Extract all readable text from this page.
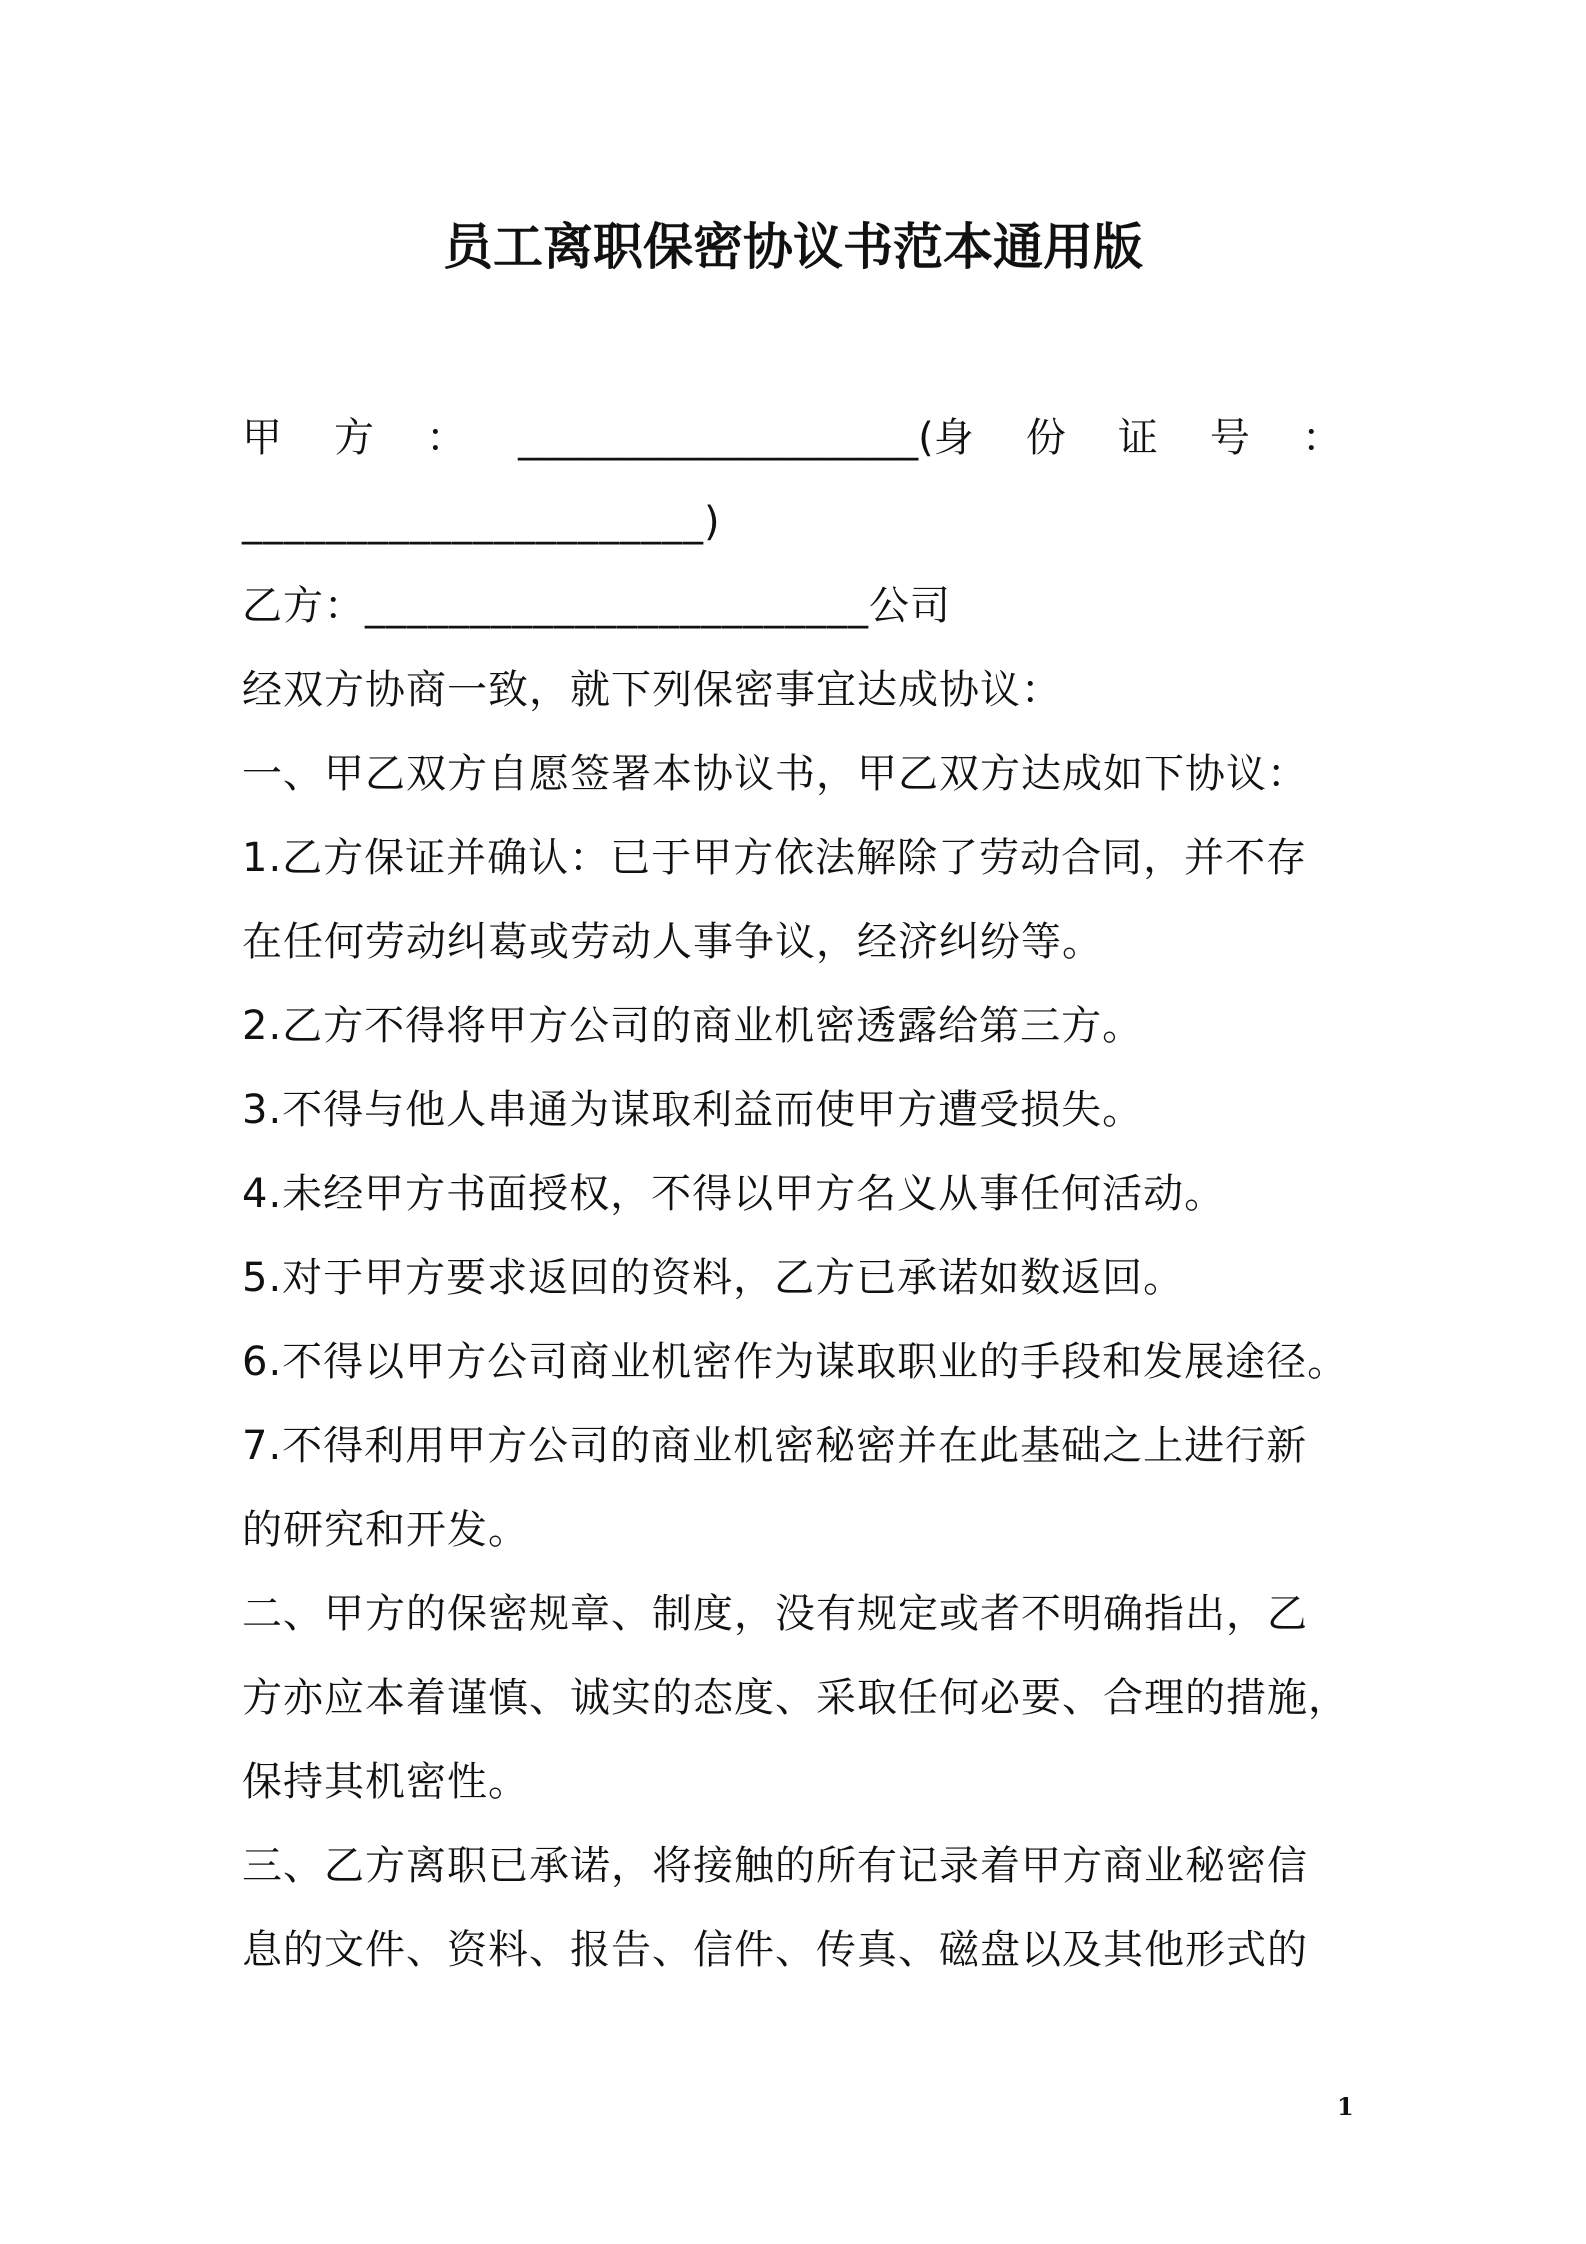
员工离职保密协议书范本通用版
甲 方 ： ____________________(身 份 证 号 ：
______________________)
乙方：________________________公司
经双方协商一致，就下列保密事宜达成协议：
一、甲乙双方自愿签署本协议书，甲乙双方达成如下协议：
1.乙方保证并确认：已于甲方依法解除了劳动合同，并不存
在任何劳动纠葛或劳动人事争议，经济纠纷等。
2.乙方不得将甲方公司的商业机密透露给第三方。
3.不得与他人串通为谋取利益而使甲方遭受损失。
4.未经甲方书面授权，不得以甲方名义从事任何活动。
5.对于甲方要求返回的资料，乙方已承诺如数返回。
6.不得以甲方公司商业机密作为谋取职业的手段和发展途径。
7.不得利用甲方公司的商业机密秘密并在此基础之上进行新
的研究和开发。
二、甲方的保密规章、制度，没有规定或者不明确指出，乙
方亦应本着谨慎、诚实的态度、采取任何必要、合理的措施，
保持其机密性。
三、乙方离职已承诺，将接触的所有记录着甲方商业秘密信
息的文件、资料、报告、信件、传真、磁盘以及其他形式的
1
